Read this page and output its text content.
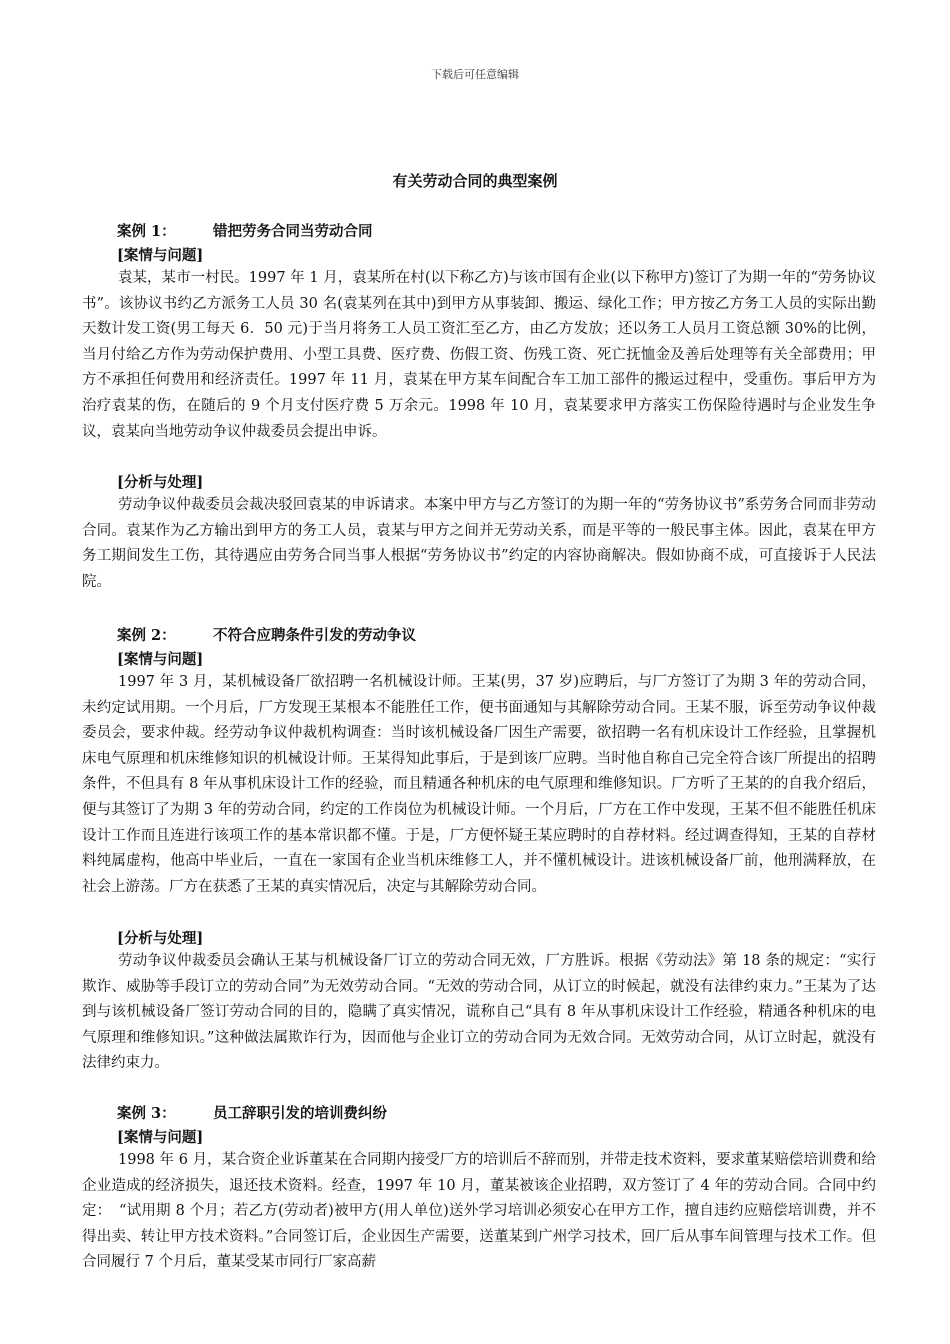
下载后可任意编辑
有关劳动合同的典型案例
案例 1：	错把劳务合同当劳动合同
[案情与问题]

袁某，某市一村民。1997 年 1 月，袁某所在村(以下称乙方)与该市国有企业(以下称甲方)签订了为期一年的“劳务协议书”。该协议书约乙方派务工人员 30 名(袁某列在其中)到甲方从事装卸、搬运、绿化工作；甲方按乙方务工人员的实际出勤天数计发工资(男工每天 6．50 元)于当月将务工人员工资汇至乙方，由乙方发放；还以务工人员月工资总额 30%的比例，当月付给乙方作为劳动保护费用、小型工具费、医疗费、伤假工资、伤残工资、死亡抚恤金及善后处理等有关全部费用；甲方不承担任何费用和经济责任。1997 年 11 月，袁某在甲方某车间配合车工加工部件的搬运过程中，受重伤。事后甲方为治疗袁某的伤，在随后的 9 个月支付医疗费 5 万余元。1998 年 10 月，袁某要求甲方落实工伤保险待遇时与企业发生争议，袁某向当地劳动争议仲裁委员会提出申诉。

[分析与处理]

劳动争议仲裁委员会裁决驳回袁某的申诉请求。本案中甲方与乙方签订的为期一年的“劳务协议书”系劳务合同而非劳动合同。袁某作为乙方输出到甲方的务工人员，袁某与甲方之间并无劳动关系，而是平等的一般民事主体。因此，袁某在甲方务工期间发生工伤，其待遇应由劳务合同当事人根据“劳务协议书”约定的内容协商解决。假如协商不成，可直接诉于人民法院。

案例 2：	不符合应聘条件引发的劳动争议
[案情与问题]

1997 年 3 月，某机械设备厂欲招聘一名机械设计师。王某(男，37 岁)应聘后，与厂方签订了为期 3 年的劳动合同，未约定试用期。一个月后，厂方发现王某根本不能胜任工作，便书面通知与其解除劳动合同。王某不服，诉至劳动争议仲裁委员会，要求仲裁。经劳动争议仲裁机构调查：当时该机械设备厂因生产需要，欲招聘一名有机床设计工作经验，且掌握机床电气原理和机床维修知识的机械设计师。王某得知此事后，于是到该厂应聘。当时他自称自己完全符合该厂所提出的招聘条件，不但具有 8 年从事机床设计工作的经验，而且精通各种机床的电气原理和维修知识。厂方听了王某的的自我介绍后，便与其签订了为期 3 年的劳动合同，约定的工作岗位为机械设计师。一个月后，厂方在工作中发现，王某不但不能胜任机床设计工作而且连进行该项工作的基本常识都不懂。于是，厂方便怀疑王某应聘时的自荐材料。经过调查得知，王某的自荐材料纯属虚构，他高中毕业后，一直在一家国有企业当机床维修工人，并不懂机械设计。进该机械设备厂前，他刑满释放，在社会上游荡。厂方在获悉了王某的真实情况后，决定与其解除劳动合同。

[分析与处理]

劳动争议仲裁委员会确认王某与机械设备厂订立的劳动合同无效，厂方胜诉。根据《劳动法》第 18 条的规定：“实行欺诈、威胁等手段订立的劳动合同”为无效劳动合同。“无效的劳动合同，从订立的时候起，就没有法律约束力。”王某为了达到与该机械设备厂签订劳动合同的目的，隐瞒了真实情况，谎称自己“具有 8 年从事机床设计工作经验，精通各种机床的电气原理和维修知识。”这种做法属欺诈行为，因而他与企业订立的劳动合同为无效合同。无效劳动合同，从订立时起，就没有法律约束力。

案例 3：	员工辞职引发的培训费纠纷
[案情与问题]

1998 年 6 月，某合资企业诉董某在合同期内接受厂方的培训后不辞而别，并带走技术资料，要求董某赔偿培训费和给企业造成的经济损失，退还技术资料。经查，1997 年 10 月，董某被该企业招聘，双方签订了 4 年的劳动合同。合同中约定：　“试用期 8 个月；若乙方(劳动者)被甲方(用人单位)送外学习培训必须安心在甲方工作，擅自违约应赔偿培训费，并不得出卖、转让甲方技术资料。”合同签订后，企业因生产需要，送董某到广州学习技术，回厂后从事车间管理与技术工作。但合同履行 7 个月后，董某受某市同行厂家高薪
